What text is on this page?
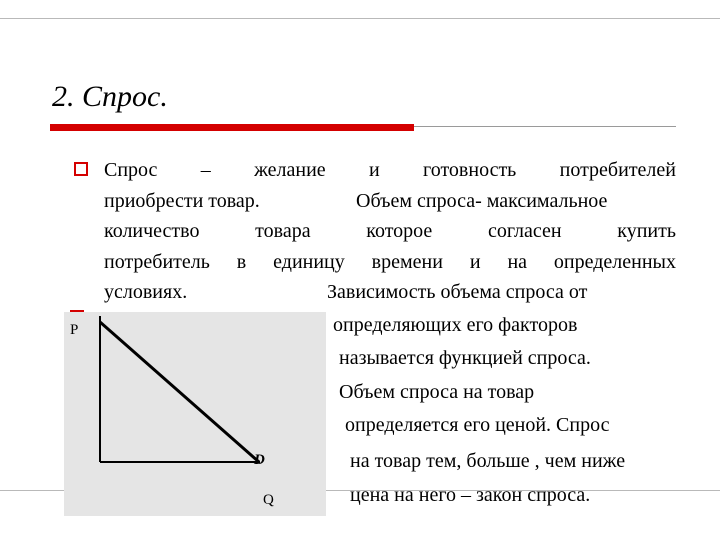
2. Спрос.
P
D
Q
Спрос – желание и готовность потребителей
приобрести товар.	Объем спроса- максимальное
количество товара которое согласен купить
потребитель в единицу времени и на определенных
условиях.	Зависимость объема спроса от
определяющих его факторов
называется функцией спроса.
Объем спроса на товар
определяется его ценой. Спрос
на товар тем, больше , чем ниже
цена на него – закон спроса.
